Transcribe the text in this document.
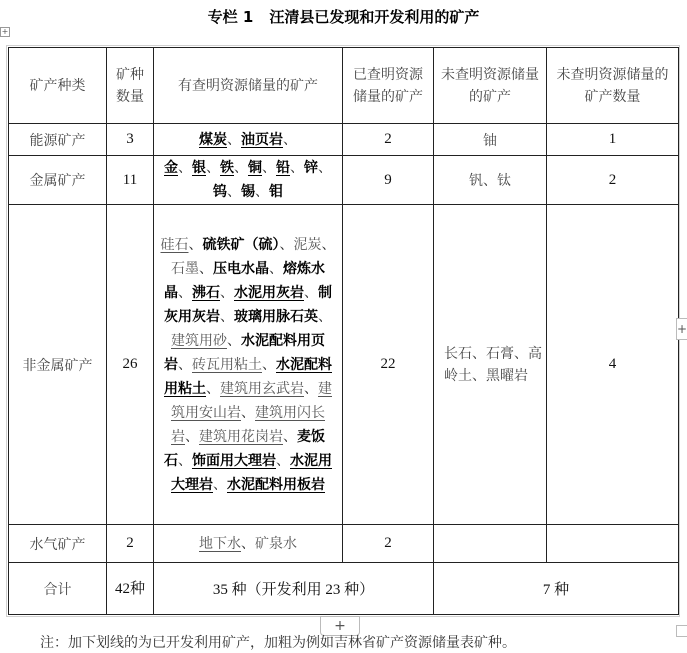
专栏 1 汪清县已发现和开发利用的矿产
+
矿产种类	矿种数量	有查明资源储量的矿产	已查明资源储量的矿产	未查明资源储量的矿产	未查明资源储量的矿产数量
能源矿产	3	煤炭、油页岩、	2	铀	1
金属矿产	11	金、银、铁、铜、铅、锌、钨、锡、钼	9	钒、钛	2
非金属矿产	26	硅石、硫铁矿（硫）、泥炭、石墨、压电水晶、熔炼水晶、沸石、水泥用灰岩、制灰用灰岩、玻璃用脉石英、建筑用砂、水泥配料用页岩、砖瓦用粘土、水泥配料用粘土、建筑用玄武岩、建筑用安山岩、建筑用闪长岩、建筑用花岗岩、麦饭石、饰面用大理岩、水泥用大理岩、水泥配料用板岩	22	长石、石膏、高岭土、黑曜岩	4
水气矿产	2	地下水、矿泉水	2		
合计	42种	35 种（开发利用 23 种）		7 种	
+
+
注：加下划线的为已开发利用矿产，加粗为例如吉林省矿产资源储量表矿种。
